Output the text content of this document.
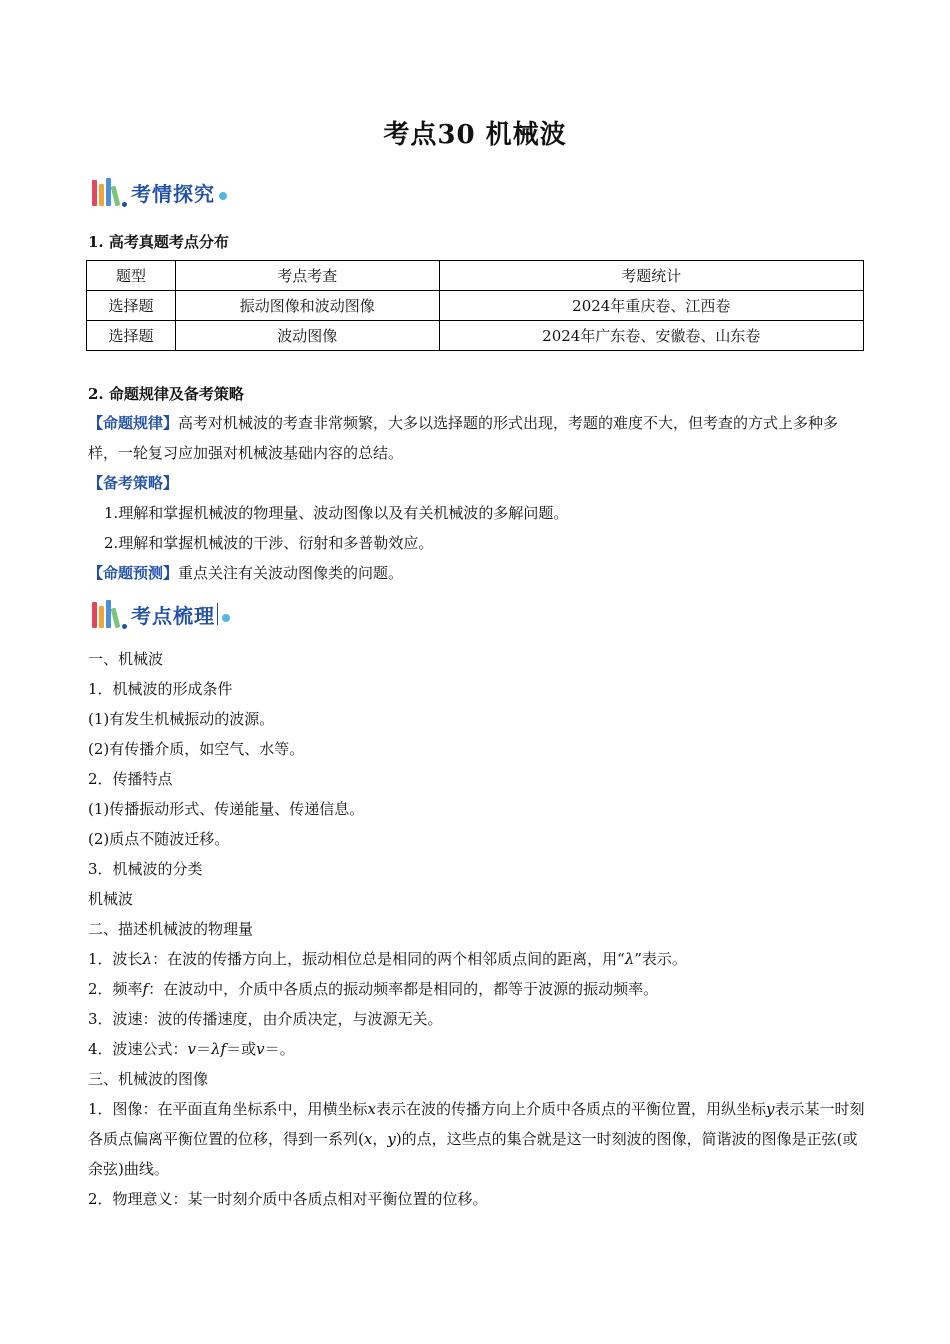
考点30 机械波
考情探究
1. 高考真题考点分布
题型	考点考查	考题统计
选择题	振动图像和波动图像	2024年重庆卷、江西卷
选择题	波动图像	2024年广东卷、安徽卷、山东卷
2. 命题规律及备考策略
【命题规律】高考对机械波的考查非常频繁，大多以选择题的形式出现，考题的难度不大，但考查的方式上多种多样，一轮复习应加强对机械波基础内容的总结。
【备考策略】
1.理解和掌握机械波的物理量、波动图像以及有关机械波的多解问题。
2.理解和掌握机械波的干涉、衍射和多普勒效应。
【命题预测】重点关注有关波动图像类的问题。
考点梳理
一、机械波
1．机械波的形成条件
(1)有发生机械振动的波源。
(2)有传播介质，如空气、水等。
2．传播特点
(1)传播振动形式、传递能量、传递信息。
(2)质点不随波迁移。
3．机械波的分类
机械波
二、描述机械波的物理量
1．波长λ：在波的传播方向上，振动相位总是相同的两个相邻质点间的距离，用“λ”表示。
2．频率f：在波动中，介质中各质点的振动频率都是相同的，都等于波源的振动频率。
3．波速：波的传播速度，由介质决定，与波源无关。
4．波速公式：v＝λf＝或v＝。
三、机械波的图像
1．图像：在平面直角坐标系中，用横坐标x表示在波的传播方向上介质中各质点的平衡位置，用纵坐标y表示某一时刻各质点偏离平衡位置的位移，得到一系列(x，y)的点，这些点的集合就是这一时刻波的图像，简谐波的图像是正弦(或余弦)曲线。
2．物理意义：某一时刻介质中各质点相对平衡位置的位移。
